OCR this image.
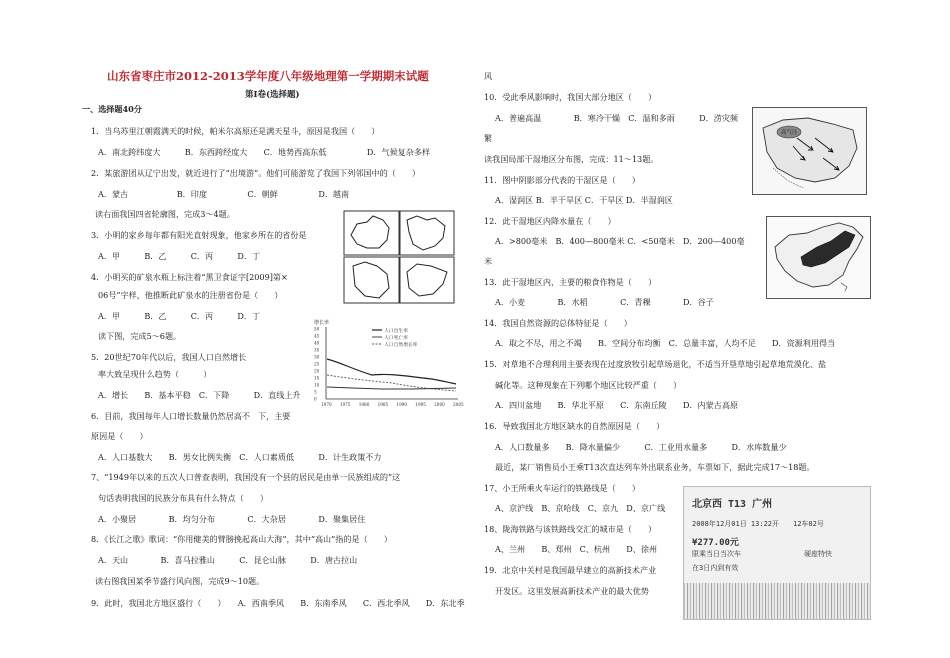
山东省枣庄市2012-2013学年度八年级地理第一学期期末试题
第Ⅰ卷(选择题)
一、选择题40分
1．当乌苏里江朝霞满天的时候，帕米尔高原还是满天星斗，原因是我国（　　）
A．南北跨纬度大　　　B．东西跨经度大　　C．地势西高东低　　　　　D．气候复杂多样
2．某旅游团从辽宁出发，就近进行了“出境游”。他们可能游览了我国下列邻国中的（　　）
A．蒙古　　　　　　B．印度　　　　　C．朝鲜　　　　　D．越南
读右面我国四省轮廓图，完成3～4题。
3．小明的家乡每年都有阳光直射现象，他家乡所在的省份是
A．甲　　　B．乙　　　C．丙　　　D．丁
4．小明买的矿泉水瓶上标注着“黑卫食证字[2009]第×
06号”字样，他推断此矿泉水的注册省份是（　　）
A．甲　　　B．乙　　　C．丙　　　D．丁
读下图，完成5～6题。
5．20世纪70年代以后，我国人口自然增长
率大致呈现什么趋势（　　　）
A．增长　　B．基本平稳　C．下降　　　D．直线上升
6．目前，我国每年人口增长数量仍然居高不　下，主要
原因是（　　）
A．人口基数大　　B．男女比例失衡　C．人口素质低　　　D．计生政策不力
7、“1949年以来的五次人口普查表明，我国没有一个县的居民是由单一民族组成的”这
句话表明我国的民族分布具有什么特点（　　）
A．小聚居　　　　B．均匀分布　　　　C．大杂居　　　　D．聚集居住
8．《长江之歌》歌词：“你用健美的臂膀挽起高山大海”，其中“高山”指的是（　　）
A．天山　　　　B．喜马拉雅山　　　C．昆仑山脉　　　D．唐古拉山
读右图我国某季节盛行风向图，完成9～10题。
9．此时，我国北方地区盛行（　　）　　A．西南季风　　B．东南季风　　C．西北季风　　D．东北季
增长率
50
45
40
35
30
25
20
15
10
5
0
1970 1975 1980 1985 1990 1995 2000 2005
人口出生率
人口死亡率
人口自然增长率
风
10．受此季风影响时，我国大部分地区（　　）
A．普遍高温　　　　B．寒冷干燥　C．温和多雨　　　D．涝灾频
繁
读我国局部干湿地区分布图，完成：11～13题。
11．图中阴影部分代表的干湿区是（　　）
A．湿润区 B．半干旱区 C．干旱区 D．半湿润区
12．此干湿地区内降水量在（　　）
A．>800毫米　B．400—800毫米 C．<50毫米　D．200—400毫
米
13．此干湿地区内，主要的粮食作物是（　　）
A．小麦　　　　B．水稻　　　　C．青稞　　　　D．谷子
14．我国自然资源的总体特征是（　　）
A．取之不尽，用之不竭　　B．空间分布均衡　C．总量丰富，人均不足　　D．资源利用得当
15．对草地不合理利用主要表现在过度放牧引起草场退化，不适当开垦草地引起草地荒漠化、盐
碱化等。这种现象在下列哪个地区比较严重（　　）
A．四川盆地　　B．华北平原　　C．东南丘陵　　D．内蒙古高原
16．导致我国北方地区缺水的自然原因是（　　）
A．人口数量多　　B．降水量偏少　　　C．工业用水量多　　　D．水库数量少
最近，某厂销售员小王乘T13次直达列车外出联系业务，车票如下，据此完成17～18题。
17、小王所乘火车运行的铁路线是（　　）
A、京沪线　B、京哈线　C、京九　D、京广线
18、陇海铁路与该铁路线交汇的城市是（　　）
A、兰州　　B、郑州　C、杭州　　D、徐州
19．北京中关村是我国最早建立的高新技术产业
开发区。这里发展高新技术产业的最大优势
高气压
北京西 T13 广州
2008年12月01日 13:22开　　12车02号
¥277.00元
限乘当日当次车　　　　　　　　　硬座特快
在3日内到有效
